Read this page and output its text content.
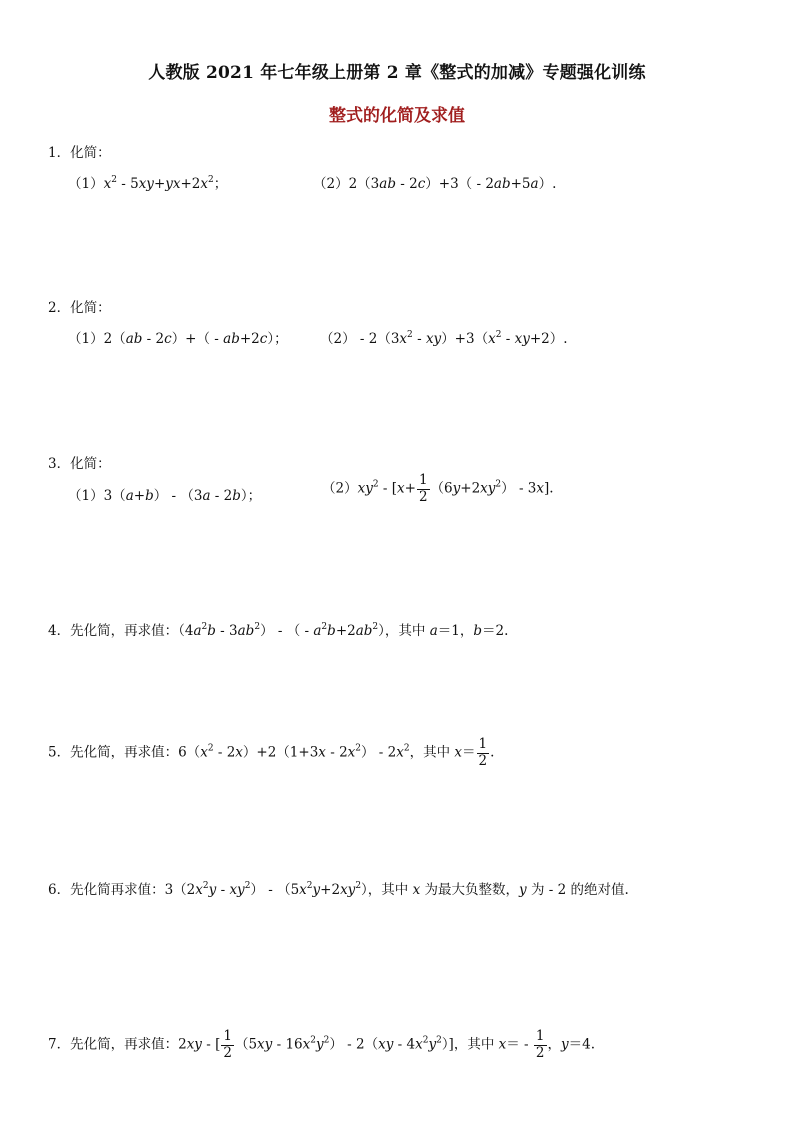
人教版 2021 年七年级上册第 2 章《整式的加减》专题强化训练
整式的化简及求值
1．化简：
$(1)x^2 - 5xy+yx+2x^2$；	（2）2（3ab - 2c）+3（ - 2ab+5a）.
2．化简：
（1）2（ab - 2c）+（ - ab+2c）； $(2) - 2(3x^2 - xy)+3(x^2 - xy+2)$.
3．化简：
（1）3（a+b） - （3a - 2b）；	$(2)xy^2 - [x+ \frac{1}{2} (6y+2xy^2) - 3x]$.
4．先化简，再求值：$(4a^2b - 3ab^2)$ - （ - $a^2b+2ab^2$），其中 a＝1，b＝2.
5．先化简，再求值：$6(x^2 - 2x)+2(1+3x - 2x^2) - 2x^2$，其中 $x= \frac{1}{2}$ .
6．先化简再求值：$3(2x^2y - xy^2) - (5x^2y+2xy^2)$，其中 x 为最大负整数，y 为 - 2 的绝对值.
7．先化简，再求值：2xy - [ $\frac{1}{2} (5xy - 16x^2y^2) - 2(xy - 4x^2y^2)$]，其中 $x= - \frac{1}{2}$ ，y＝4.
